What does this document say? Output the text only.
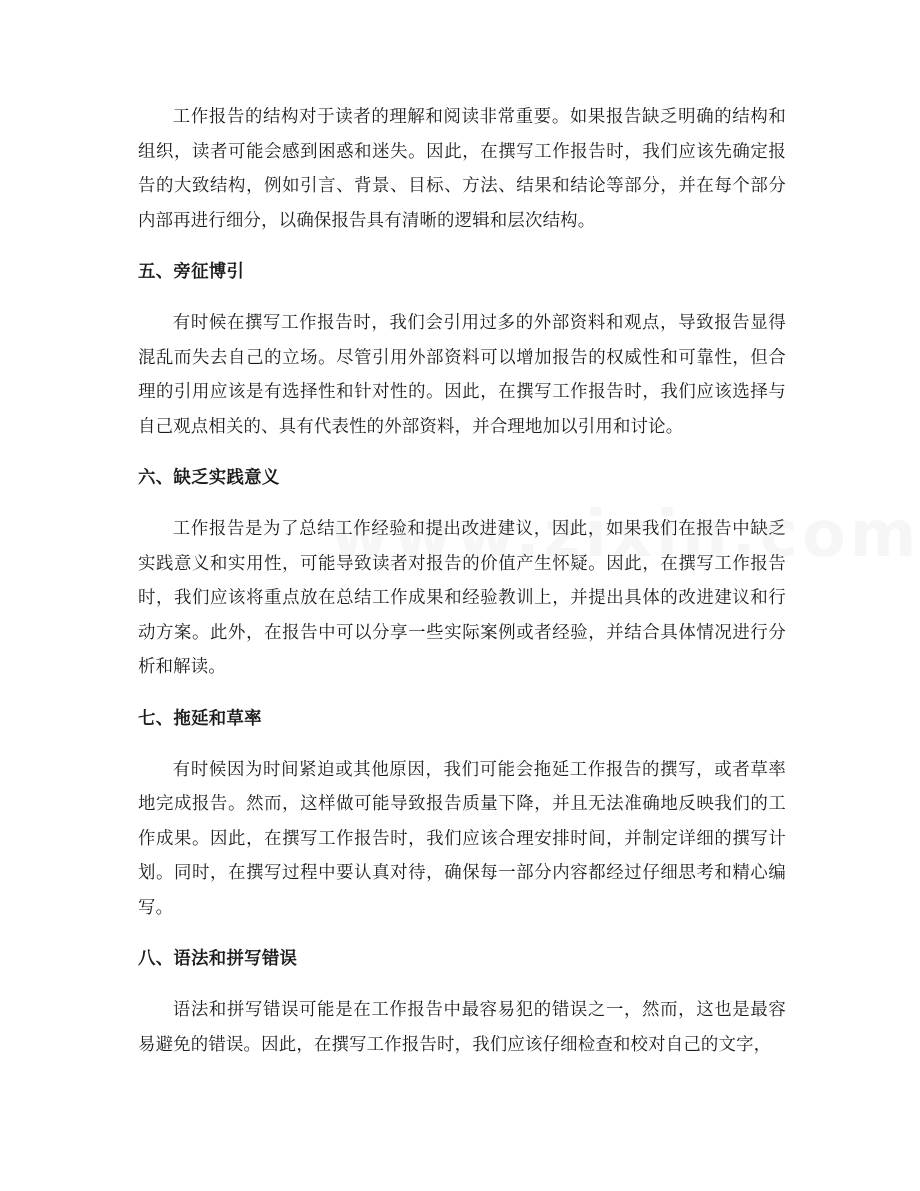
工作报告的结构对于读者的理解和阅读非常重要。如果报告缺乏明确的结构和组织，读者可能会感到困惑和迷失。因此，在撰写工作报告时，我们应该先确定报告的大致结构，例如引言、背景、目标、方法、结果和结论等部分，并在每个部分内部再进行细分，以确保报告具有清晰的逻辑和层次结构。

五、旁征博引

有时候在撰写工作报告时，我们会引用过多的外部资料和观点，导致报告显得混乱而失去自己的立场。尽管引用外部资料可以增加报告的权威性和可靠性，但合理的引用应该是有选择性和针对性的。因此，在撰写工作报告时，我们应该选择与自己观点相关的、具有代表性的外部资料，并合理地加以引用和讨论。

六、缺乏实践意义

工作报告是为了总结工作经验和提出改进建议，因此，如果我们在报告中缺乏实践意义和实用性，可能导致读者对报告的价值产生怀疑。因此，在撰写工作报告时，我们应该将重点放在总结工作成果和经验教训上，并提出具体的改进建议和行动方案。此外，在报告中可以分享一些实际案例或者经验，并结合具体情况进行分析和解读。

七、拖延和草率

有时候因为时间紧迫或其他原因，我们可能会拖延工作报告的撰写，或者草率地完成报告。然而，这样做可能导致报告质量下降，并且无法准确地反映我们的工作成果。因此，在撰写工作报告时，我们应该合理安排时间，并制定详细的撰写计划。同时，在撰写过程中要认真对待，确保每一部分内容都经过仔细思考和精心编写。

八、语法和拼写错误

语法和拼写错误可能是在工作报告中最容易犯的错误之一，然而，这也是最容易避免的错误。因此，在撰写工作报告时，我们应该仔细检查和校对自己的文字，
